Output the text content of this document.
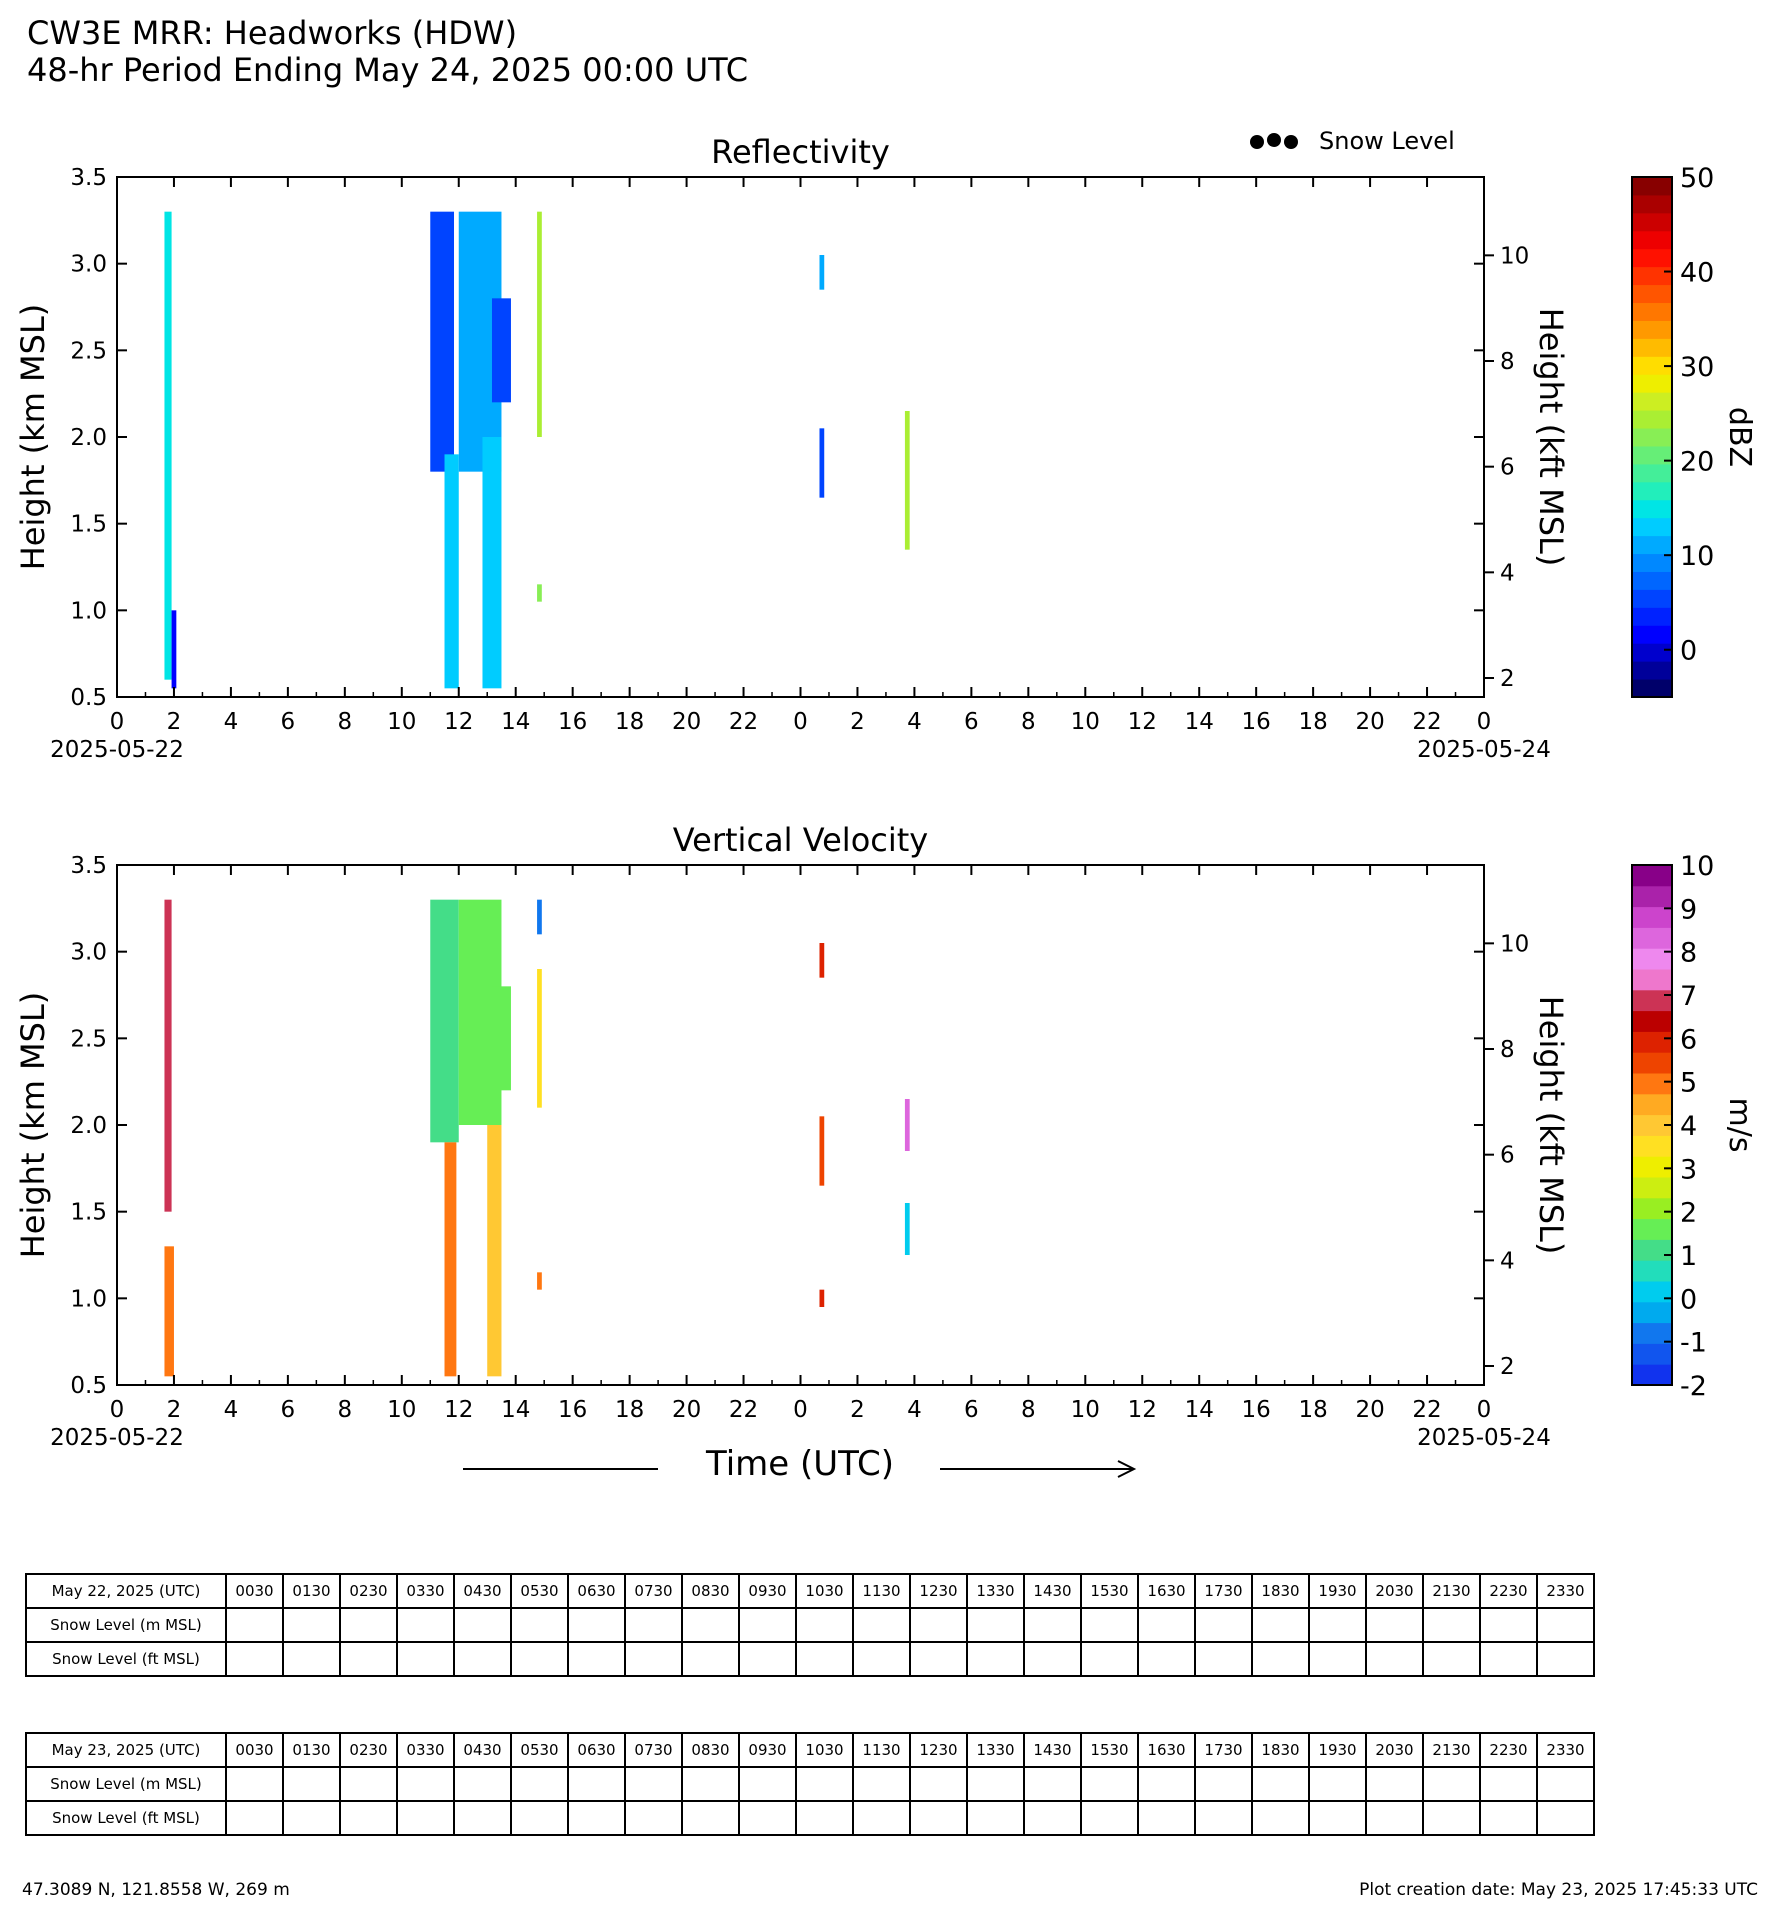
CW3E MRR: Headworks (HDW)
48-hr Period Ending May 24, 2025 00:00 UTC
Snow Level
Reflectivity
0.5
1.0
1.5
2.0
2.5
3.0
3.5
2
4
6
8
10
Height (km MSL)	Height (kft MSL)
0 2 4 6 8 10 12 14 16 18 20 22 0 2 4 6 8 10 12 14 16 18 20 22 0
2025-05-22	2025-05-24
0
10
20
30
40
50
dBZ
Vertical Velocity
0.5
1.0
1.5
2.0
2.5
3.0
3.5
2
4
6
8
10
Height (km MSL)	Height (kft MSL)
0 2 4 6 8 10 12 14 16 18 20 22 0 2 4 6 8 10 12 14 16 18 20 22 0
2025-05-22	2025-05-24
-2
-1
0
1
2
3
4
5
6
7
8
9
10
m/s
Time (UTC)
May 22, 2025 (UTC)	0030	0130	0230	0330	0430	0530	0630	0730	0830	0930	1030	1130	1230	1330	1430	1530	1630	1730	1830	1930	2030	2130	2230	2330
Snow Level (m MSL)																								
Snow Level (ft MSL)																								
May 23, 2025 (UTC)	0030	0130	0230	0330	0430	0530	0630	0730	0830	0930	1030	1130	1230	1330	1430	1530	1630	1730	1830	1930	2030	2130	2230	2330
Snow Level (m MSL)																								
Snow Level (ft MSL)																								
47.3089 N, 121.8558 W, 269 m	Plot creation date: May 23, 2025 17:45:33 UTC
